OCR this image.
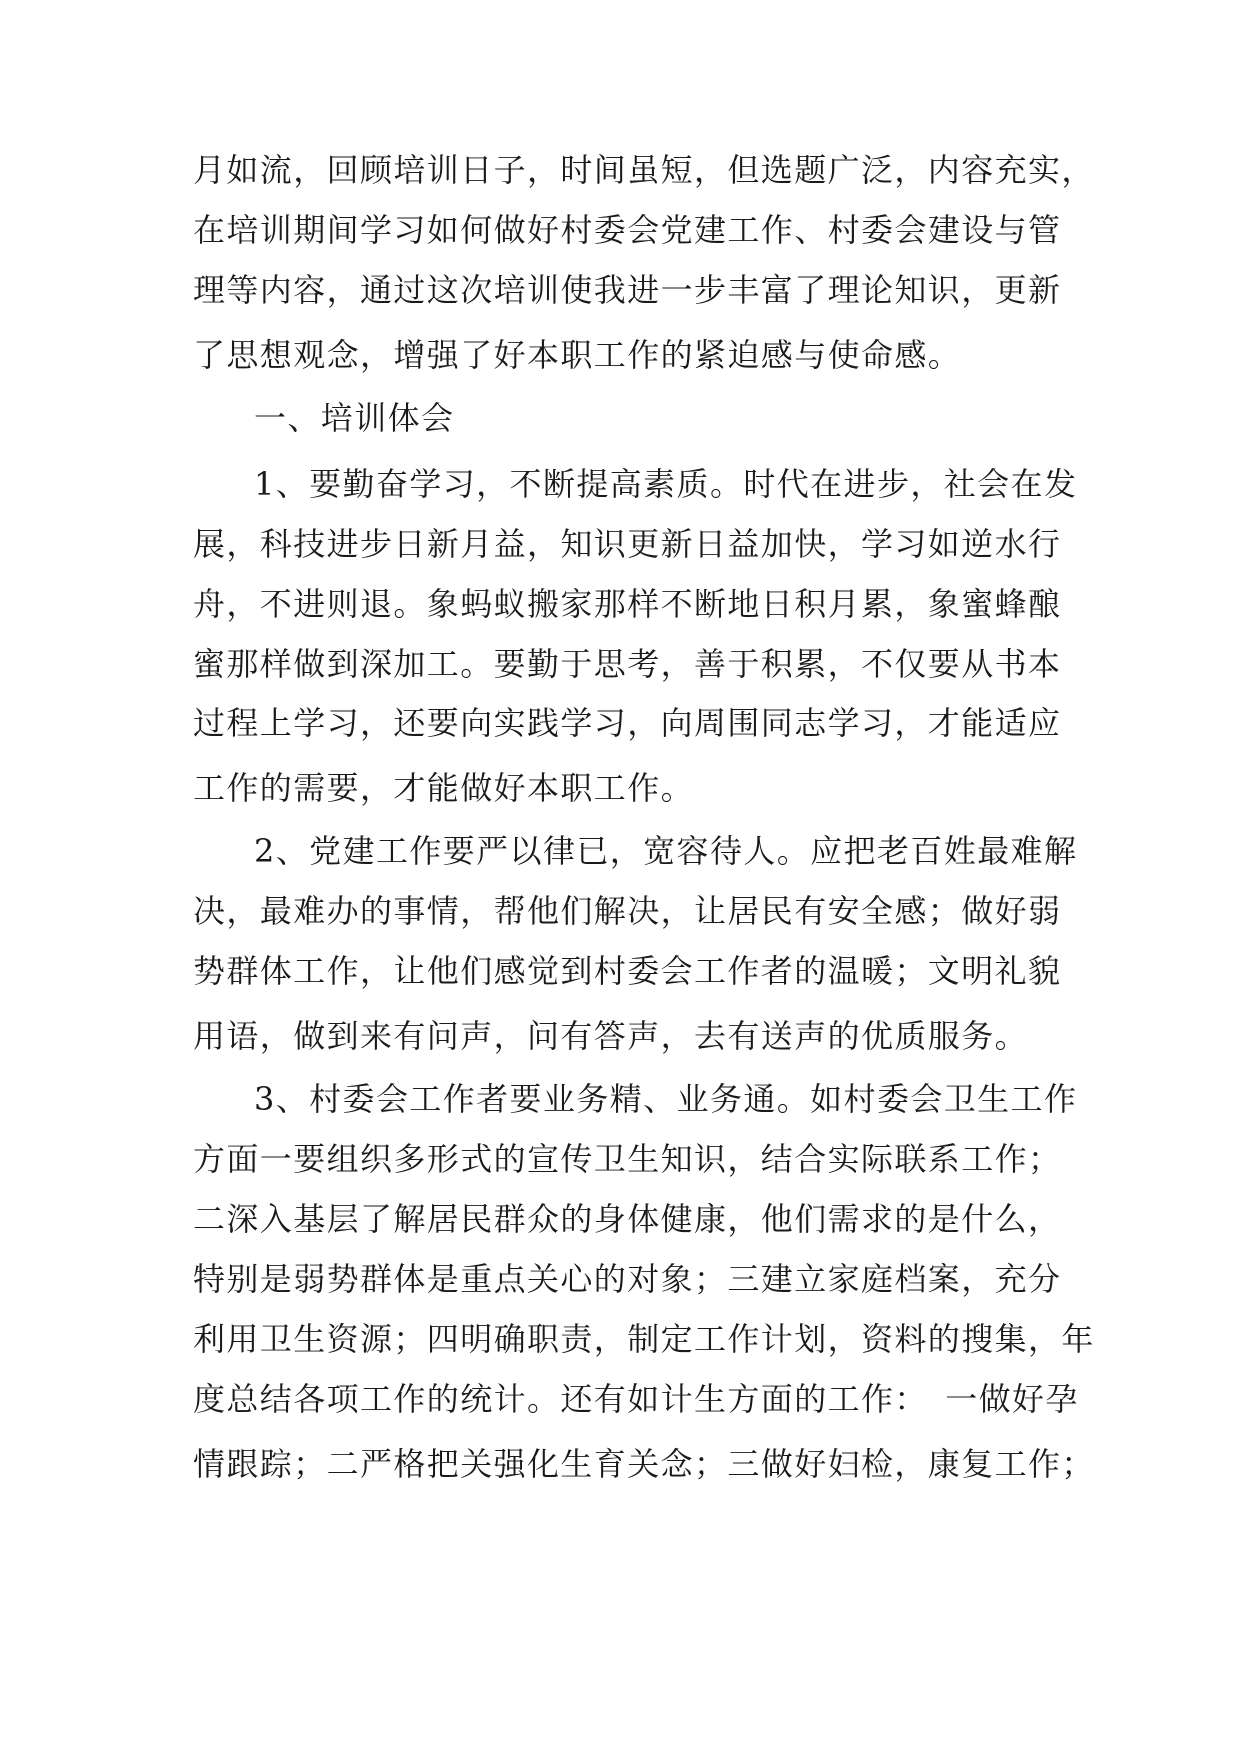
月如流，回顾培训日子，时间虽短，但选题广泛，内容充实，
在培训期间学习如何做好村委会党建工作、村委会建设与管
理等内容，通过这次培训使我进一步丰富了理论知识，更新
了思想观念，增强了好本职工作的紧迫感与使命感。
一、培训体会
1、要勤奋学习，不断提高素质。时代在进步，社会在发
展，科技进步日新月益，知识更新日益加快，学习如逆水行
舟，不进则退。象蚂蚁搬家那样不断地日积月累，象蜜蜂酿
蜜那样做到深加工。要勤于思考，善于积累，不仅要从书本
过程上学习，还要向实践学习，向周围同志学习，才能适应
工作的需要，才能做好本职工作。
2、党建工作要严以律已，宽容待人。应把老百姓最难解
决，最难办的事情，帮他们解决，让居民有安全感；做好弱
势群体工作，让他们感觉到村委会工作者的温暖；文明礼貌
用语，做到来有问声，问有答声，去有送声的优质服务。
3、村委会工作者要业务精、业务通。如村委会卫生工作
方面一要组织多形式的宣传卫生知识，结合实际联系工作；
二深入基层了解居民群众的身体健康，他们需求的是什么，
特别是弱势群体是重点关心的对象；三建立家庭档案，充分
利用卫生资源；四明确职责，制定工作计划，资料的搜集，年
度总结各项工作的统计。还有如计生方面的工作：　一做好孕
情跟踪；二严格把关强化生育关念；三做好妇检，康复工作；
